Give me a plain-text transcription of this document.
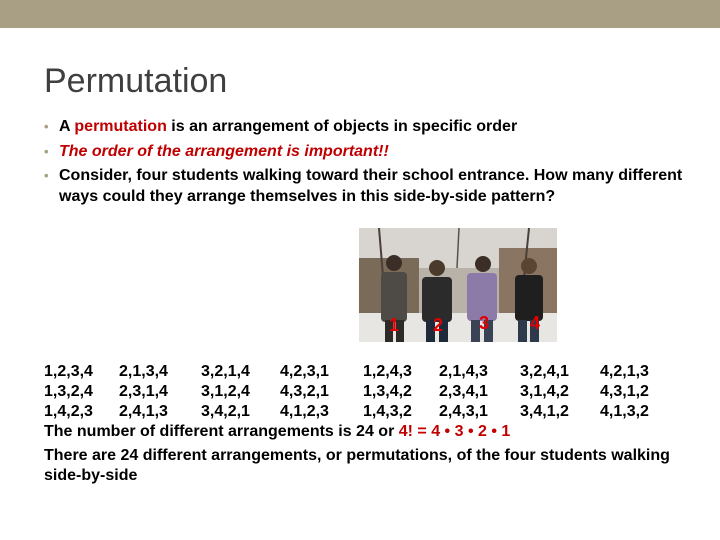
Permutation
• A permutation is an arrangement of objects in specific order
• The order of the arrangement is important!!
• Consider, four students walking toward their school entrance. How many different ways could they arrange themselves in this side-by-side pattern?
1 2 3 4
1,2,3,4	2,1,3,4	3,2,1,4	4,2,3,1	1,2,4,3	2,1,4,3	3,2,4,1	4,2,1,3
1,3,2,4	2,3,1,4	3,1,2,4	4,3,2,1	1,3,4,2	2,3,4,1	3,1,4,2	4,3,1,2
1,4,2,3	2,4,1,3	3,4,2,1	4,1,2,3	1,4,3,2	2,4,3,1	3,4,1,2	4,1,3,2
The number of different arrangements is 24 or 4! = 4 • 3 • 2 • 1
There are 24 different arrangements, or permutations, of the four students walking side-by-side
